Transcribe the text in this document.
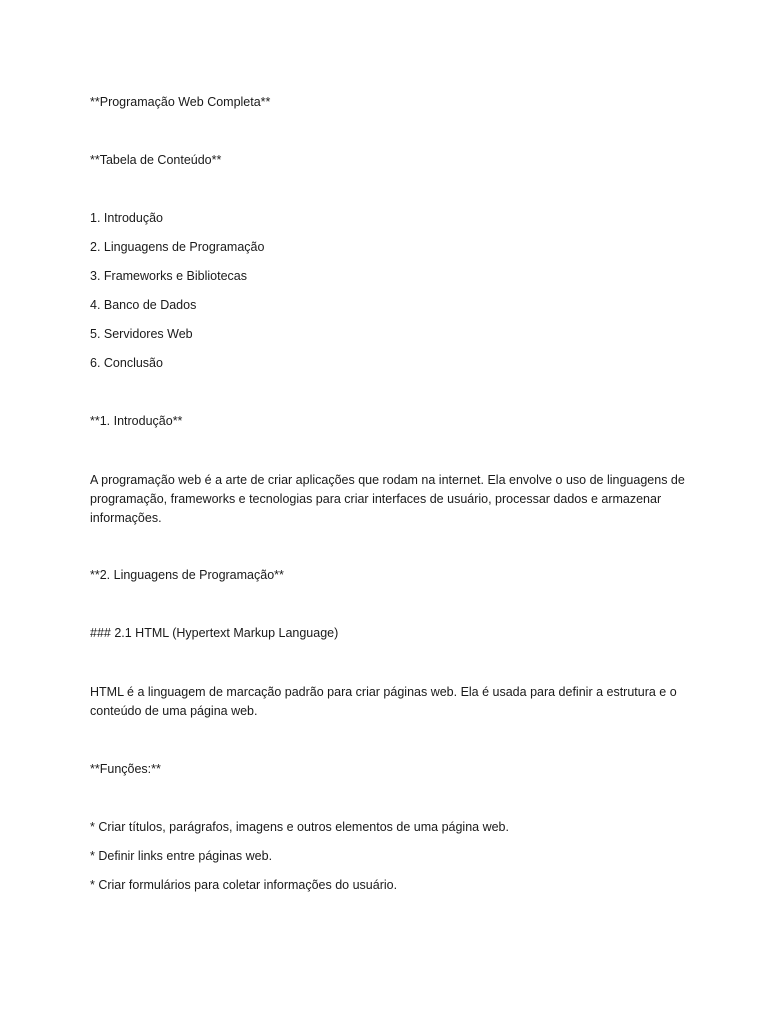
**Programação Web Completa**
**Tabela de Conteúdo**
1. Introdução
2. Linguagens de Programação
3. Frameworks e Bibliotecas
4. Banco de Dados
5. Servidores Web
6. Conclusão
**1. Introdução**
A programação web é a arte de criar aplicações que rodam na internet. Ela envolve o uso de linguagens de programação, frameworks e tecnologias para criar interfaces de usuário, processar dados e armazenar informações.
**2. Linguagens de Programação**
### 2.1 HTML (Hypertext Markup Language)
HTML é a linguagem de marcação padrão para criar páginas web. Ela é usada para definir a estrutura e o conteúdo de uma página web.
**Funções:**
* Criar títulos, parágrafos, imagens e outros elementos de uma página web.
* Definir links entre páginas web.
* Criar formulários para coletar informações do usuário.
